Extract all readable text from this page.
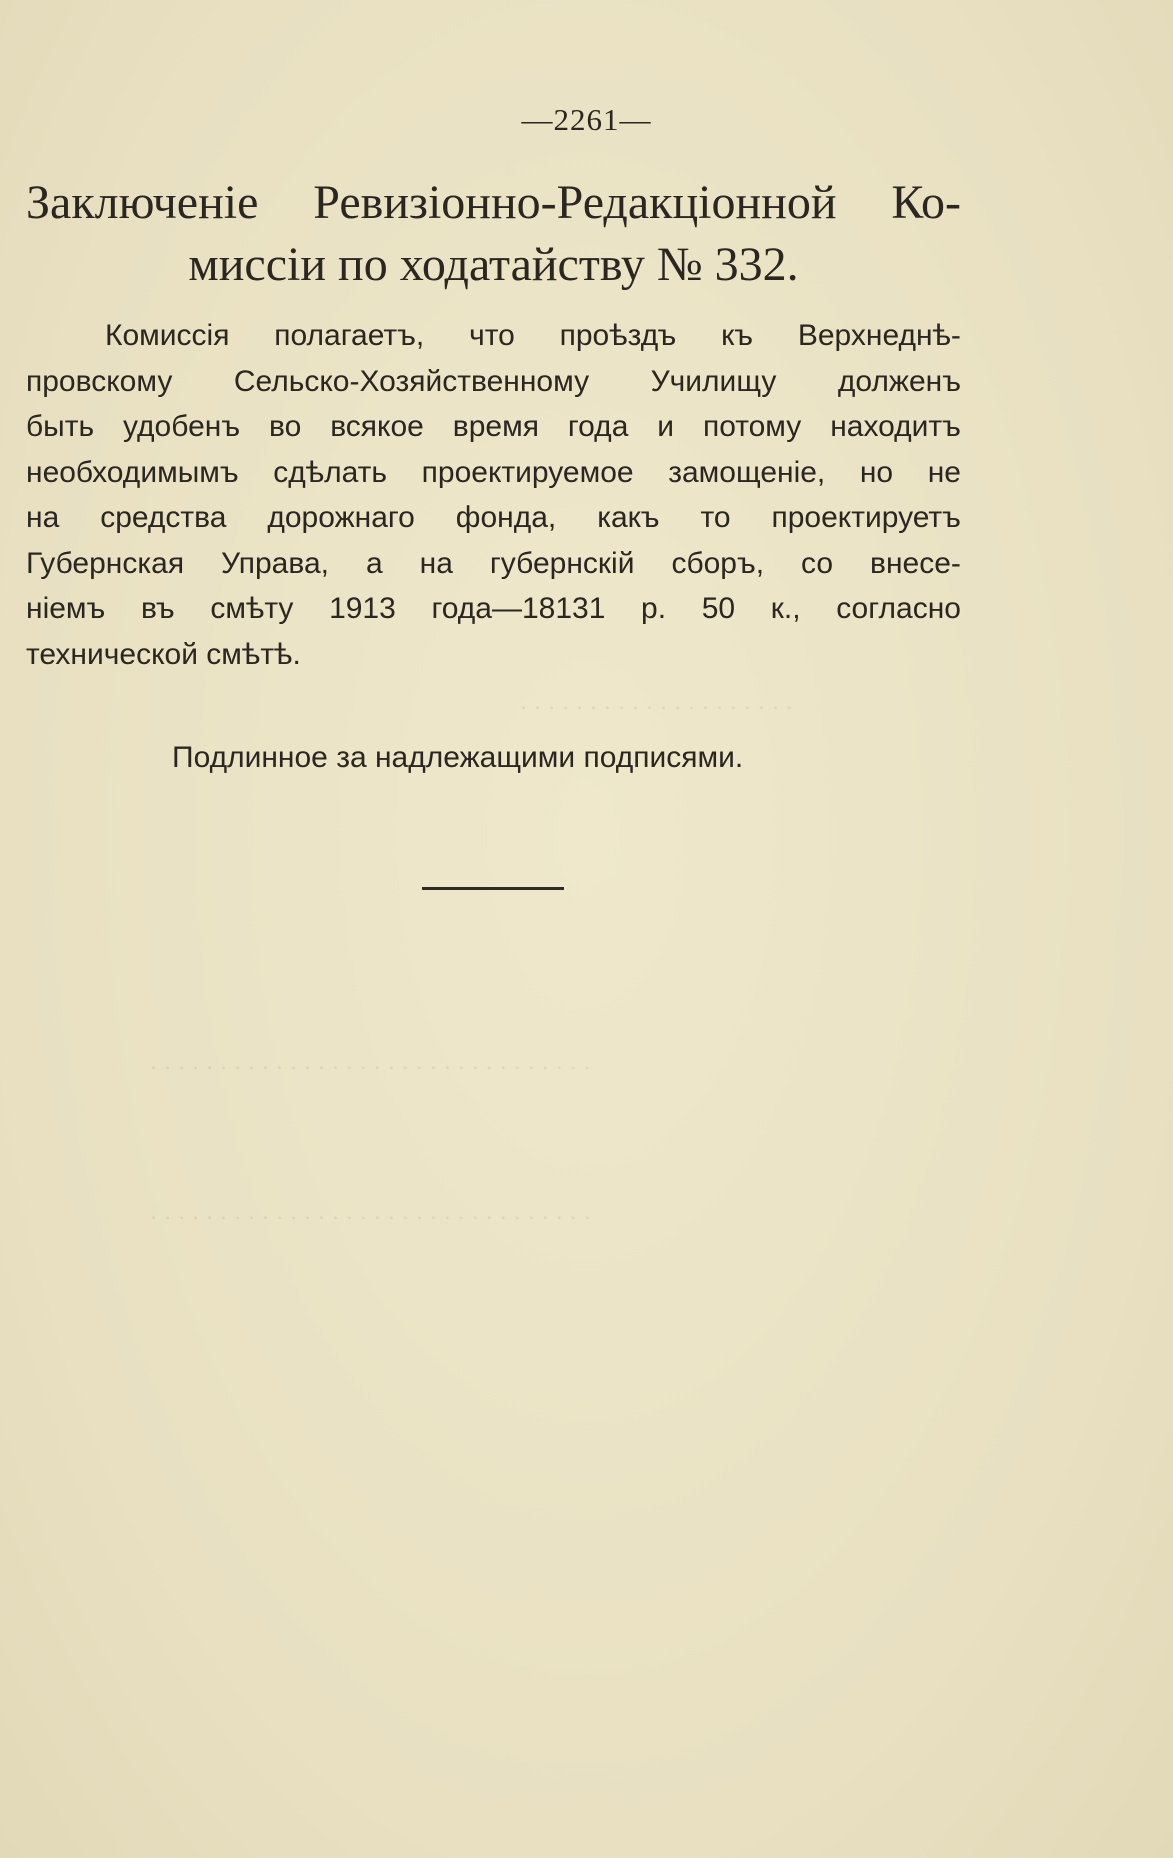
. . . . . . . . . . . . . . . . . . . .
. . . . . . . . . . . . . . . . . . . . . . . . . . . . . . . .
. . . . . . . . . . . . . . . . . . . . . . . . . . . . . . . .
—2261—
Заключеніе Ревизіонно-Редакціонной Ко-
миссіи по ходатайству № 332.
Комиссія полагаетъ, что проѣздъ къ Верхнеднѣ-
провскому Сельско-Хозяйственному Училищу долженъ
быть удобенъ во всякое время года и потому находитъ
необходимымъ сдѣлать проектируемое замощеніе, но не
на средства дорожнаго фонда, какъ то проектируетъ
Губернская Управа, а на губернскій сборъ, со внесе-
ніемъ въ смѣту 1913 года—18131 р. 50 к., согласно
технической смѣтѣ.
Подлинное за надлежащими подписями.
